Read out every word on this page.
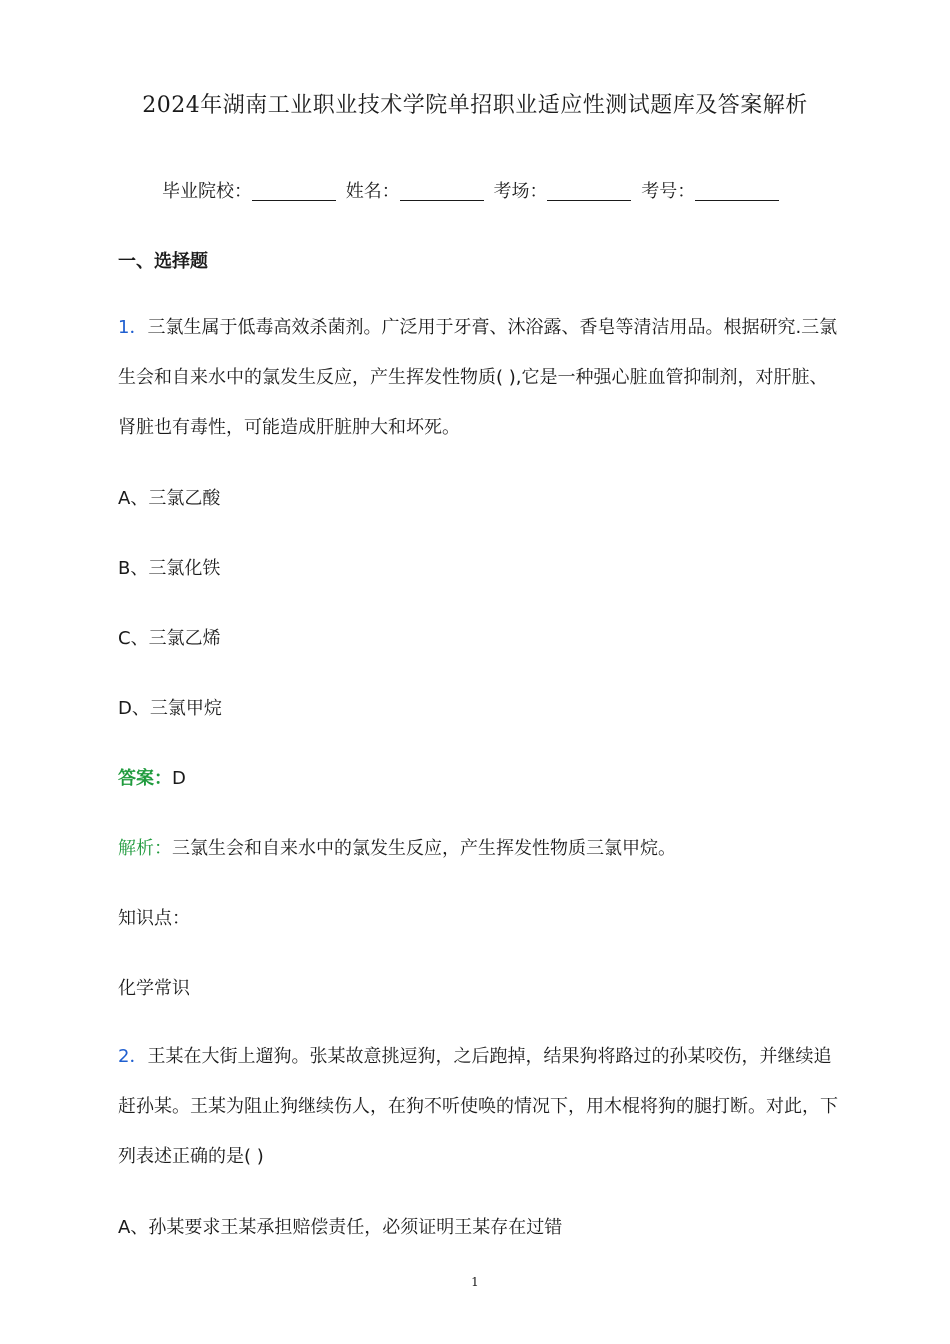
2024年湖南工业职业技术学院单招职业适应性测试题库及答案解析
毕业院校：	姓名：	考场：	考号：
一、选择题
1．三氯生属于低毒高效杀菌剂。广泛用于牙膏、沐浴露、香皂等清洁用品。根据研究.三氯生会和自来水中的氯发生反应，产生挥发性物质( ),它是一种强心脏血管抑制剂，对肝脏、肾脏也有毒性，可能造成肝脏肿大和坏死。
A、三氯乙酸
B、三氯化铁
C、三氯乙烯
D、三氯甲烷
答案：D
解析：三氯生会和自来水中的氯发生反应，产生挥发性物质三氯甲烷。
知识点：
化学常识
2．王某在大街上遛狗。张某故意挑逗狗，之后跑掉，结果狗将路过的孙某咬伤，并继续追赶孙某。王某为阻止狗继续伤人，在狗不听使唤的情况下，用木棍将狗的腿打断。对此，下列表述正确的是( )
A、孙某要求王某承担赔偿责任，必须证明王某存在过错
1
